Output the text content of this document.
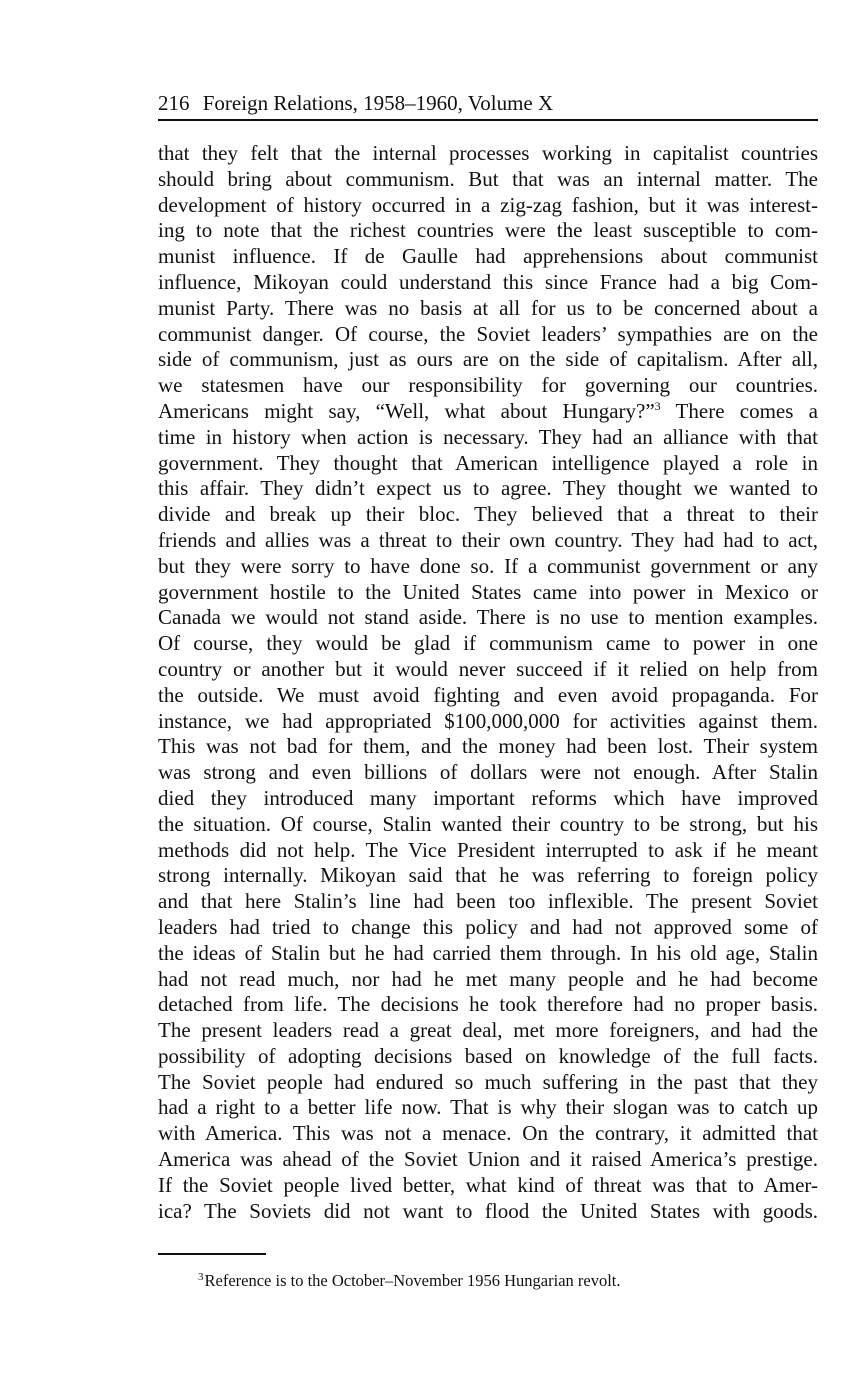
216 Foreign Relations, 1958–1960, Volume X
that they felt that the internal processes working in capitalist countries
should bring about communism. But that was an internal matter. The
development of history occurred in a zig-zag fashion, but it was interest-
ing to note that the richest countries were the least susceptible to com-
munist influence. If de Gaulle had apprehensions about communist
influence, Mikoyan could understand this since France had a big Com-
munist Party. There was no basis at all for us to be concerned about a
communist danger. Of course, the Soviet leaders’ sympathies are on the
side of communism, just as ours are on the side of capitalism. After all,
we statesmen have our responsibility for governing our countries.
Americans might say, “Well, what about Hungary?”$^3$ There comes a
time in history when action is necessary. They had an alliance with that
government. They thought that American intelligence played a role in
this affair. They didn’t expect us to agree. They thought we wanted to
divide and break up their bloc. They believed that a threat to their
friends and allies was a threat to their own country. They had had to act,
but they were sorry to have done so. If a communist government or any
government hostile to the United States came into power in Mexico or
Canada we would not stand aside. There is no use to mention examples.
Of course, they would be glad if communism came to power in one
country or another but it would never succeed if it relied on help from
the outside. We must avoid fighting and even avoid propaganda. For
instance, we had appropriated $100,000,000 for activities against them.
This was not bad for them, and the money had been lost. Their system
was strong and even billions of dollars were not enough. After Stalin
died they introduced many important reforms which have improved
the situation. Of course, Stalin wanted their country to be strong, but his
methods did not help. The Vice President interrupted to ask if he meant
strong internally. Mikoyan said that he was referring to foreign policy
and that here Stalin’s line had been too inflexible. The present Soviet
leaders had tried to change this policy and had not approved some of
the ideas of Stalin but he had carried them through. In his old age, Stalin
had not read much, nor had he met many people and he had become
detached from life. The decisions he took therefore had no proper basis.
The present leaders read a great deal, met more foreigners, and had the
possibility of adopting decisions based on knowledge of the full facts.
The Soviet people had endured so much suffering in the past that they
had a right to a better life now. That is why their slogan was to catch up
with America. This was not a menace. On the contrary, it admitted that
America was ahead of the Soviet Union and it raised America’s prestige.
If the Soviet people lived better, what kind of threat was that to Amer-
ica? The Soviets did not want to flood the United States with goods.
$^3$Reference is to the October–November 1956 Hungarian revolt.
